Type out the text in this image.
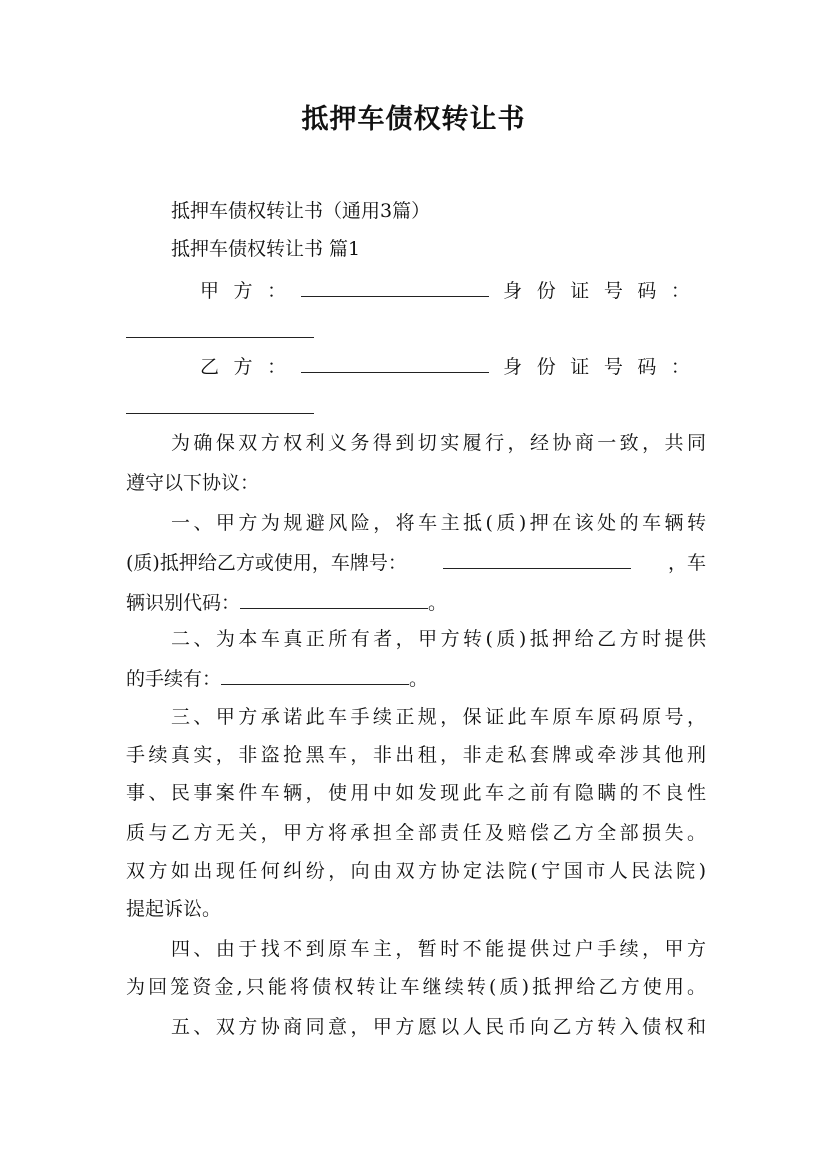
抵押车债权转让书
抵押车债权转让书（通用3篇）
抵押车债权转让书 篇1
甲 方 ：	身 份 证 号 码 ：
乙 方 ：	身 份 证 号 码 ：
为确保双方权利义务得到切实履行，经协商一致，共同
遵守以下协议：
一、甲方为规避风险，将车主抵(质)押在该处的车辆转
(质)抵押给乙方或使用，车牌号：	，车
辆识别代码：	。
二、为本车真正所有者，甲方转(质)抵押给乙方时提供
的手续有：	。
三、甲方承诺此车手续正规，保证此车原车原码原号，
手续真实，非盗抢黑车，非出租，非走私套牌或牵涉其他刑
事、民事案件车辆，使用中如发现此车之前有隐瞒的不良性
质与乙方无关，甲方将承担全部责任及赔偿乙方全部损失。
双方如出现任何纠纷，向由双方协定法院(宁国市人民法院)
提起诉讼。
四、由于找不到原车主，暂时不能提供过户手续，甲方
为回笼资金,只能将债权转让车继续转(质)抵押给乙方使用。
五、双方协商同意，甲方愿以人民币向乙方转入债权和
